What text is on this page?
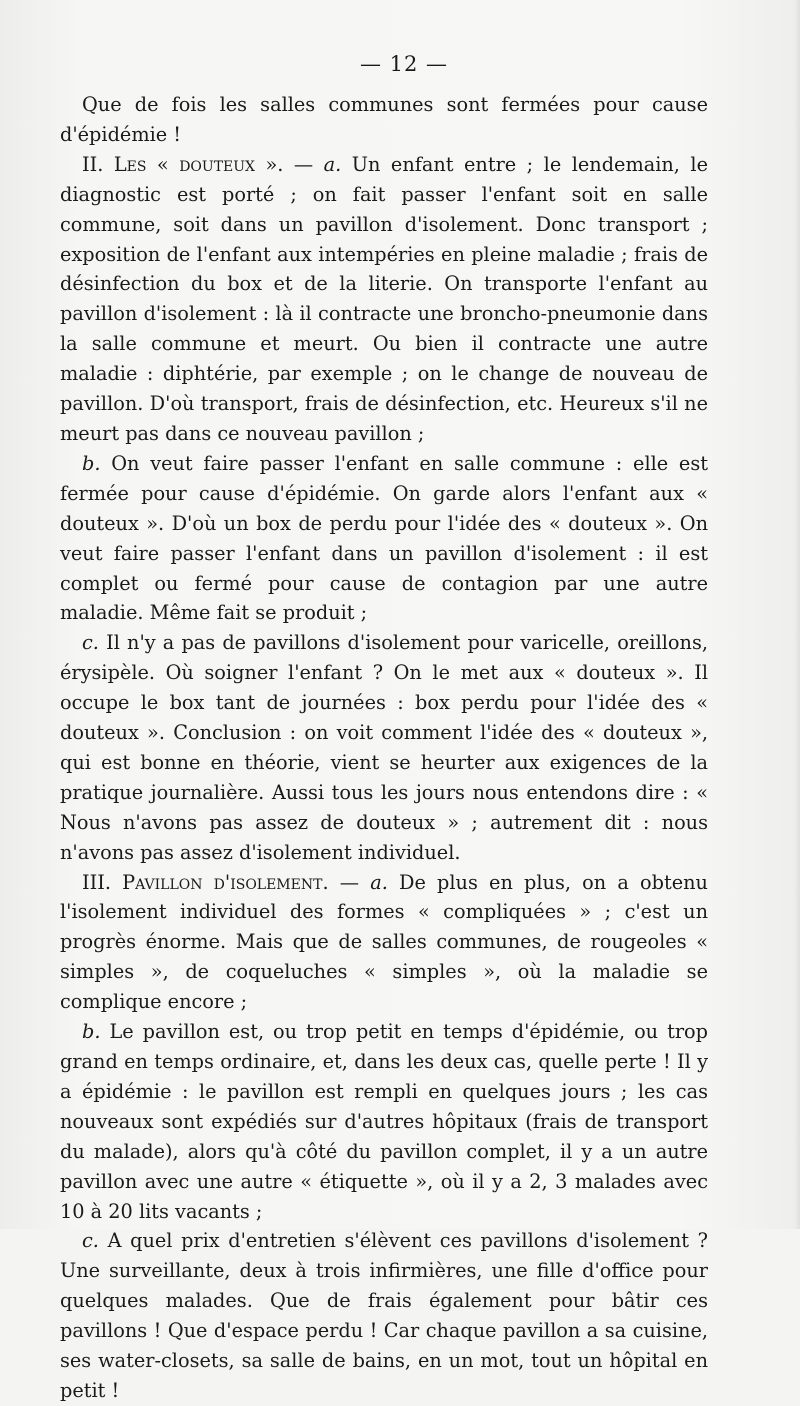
— 12 —

Que de fois les salles communes sont fermées pour cause d'épidémie !

II. Les « douteux ». — a. Un enfant entre ; le lendemain, le diagnostic est porté ; on fait passer l'enfant soit en salle commune, soit dans un pavillon d'isolement. Donc transport ; exposition de l'enfant aux intempéries en pleine maladie ; frais de désinfection du box et de la literie. On transporte l'enfant au pavillon d'isolement : là il contracte une broncho-pneumonie dans la salle commune et meurt. Ou bien il contracte une autre maladie : diphtérie, par exemple ; on le change de nouveau de pavillon. D'où transport, frais de désinfection, etc. Heureux s'il ne meurt pas dans ce nouveau pavillon ;

b. On veut faire passer l'enfant en salle commune : elle est fermée pour cause d'épidémie. On garde alors l'enfant aux « douteux ». D'où un box de perdu pour l'idée des « douteux ». On veut faire passer l'enfant dans un pavillon d'isolement : il est complet ou fermé pour cause de contagion par une autre maladie. Même fait se produit ;

c. Il n'y a pas de pavillons d'isolement pour varicelle, oreillons, érysipèle. Où soigner l'enfant ? On le met aux « douteux ». Il occupe le box tant de journées : box perdu pour l'idée des « douteux ». Conclusion : on voit comment l'idée des « douteux », qui est bonne en théorie, vient se heurter aux exigences de la pratique journalière. Aussi tous les jours nous entendons dire : « Nous n'avons pas assez de douteux » ; autrement dit : nous n'avons pas assez d'isolement individuel.

III. Pavillon d'isolement. — a. De plus en plus, on a obtenu l'isolement individuel des formes « compliquées » ; c'est un progrès énorme. Mais que de salles communes, de rougeoles « simples », de coqueluches « simples », où la maladie se complique encore ;

b. Le pavillon est, ou trop petit en temps d'épidémie, ou trop grand en temps ordinaire, et, dans les deux cas, quelle perte ! Il y a épidémie : le pavillon est rempli en quelques jours ; les cas nouveaux sont expédiés sur d'autres hôpitaux (frais de transport du malade), alors qu'à côté du pavillon complet, il y a un autre pavillon avec une autre « étiquette », où il y a 2, 3 malades avec 10 à 20 lits vacants ;

c. A quel prix d'entretien s'élèvent ces pavillons d'isolement ? Une surveillante, deux à trois infirmières, une fille d'office pour quelques malades. Que de frais également pour bâtir ces pavillons ! Que d'espace perdu ! Car chaque pavillon a sa cuisine, ses water-closets, sa salle de bains, en un mot, tout un hôpital en petit !
